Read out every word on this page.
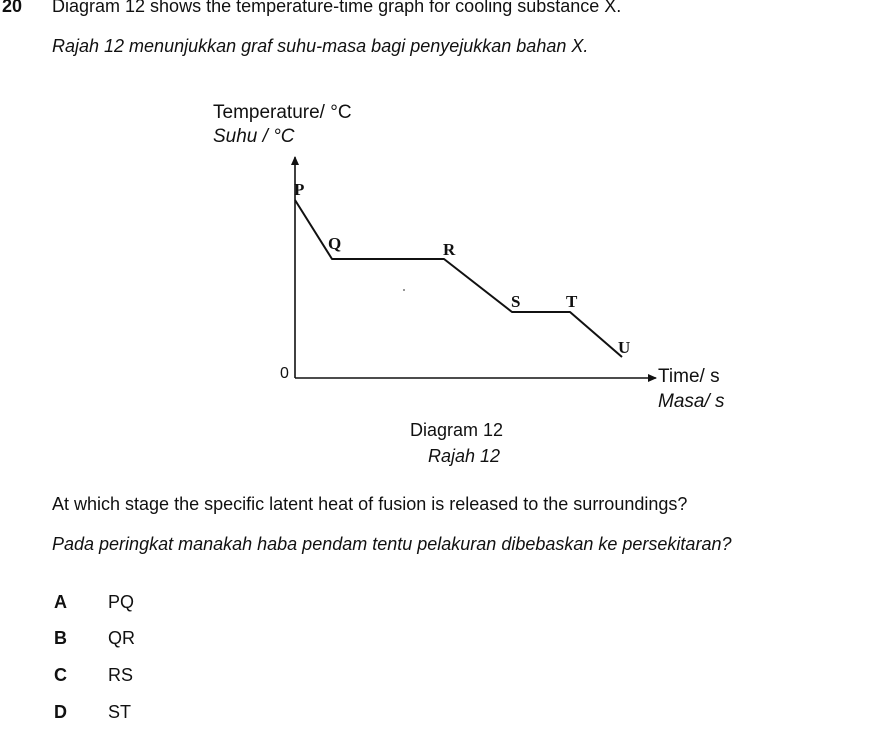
20 Diagram 12 shows the temperature-time graph for cooling substance X.
Rajah 12 menunjukkan graf suhu-masa bagi penyejukkan bahan X.
Temperature/ °C
Suhu / °C
Time/ s
Masa/ s
0
P
Q	R
S	T
U
Diagram 12
Rajah 12
At which stage the specific latent heat of fusion is released to the surroundings?
Pada peringkat manakah haba pendam tentu pelakuran dibebaskan ke persekitaran?
A	PQ
B	QR
C	RS
D	ST
